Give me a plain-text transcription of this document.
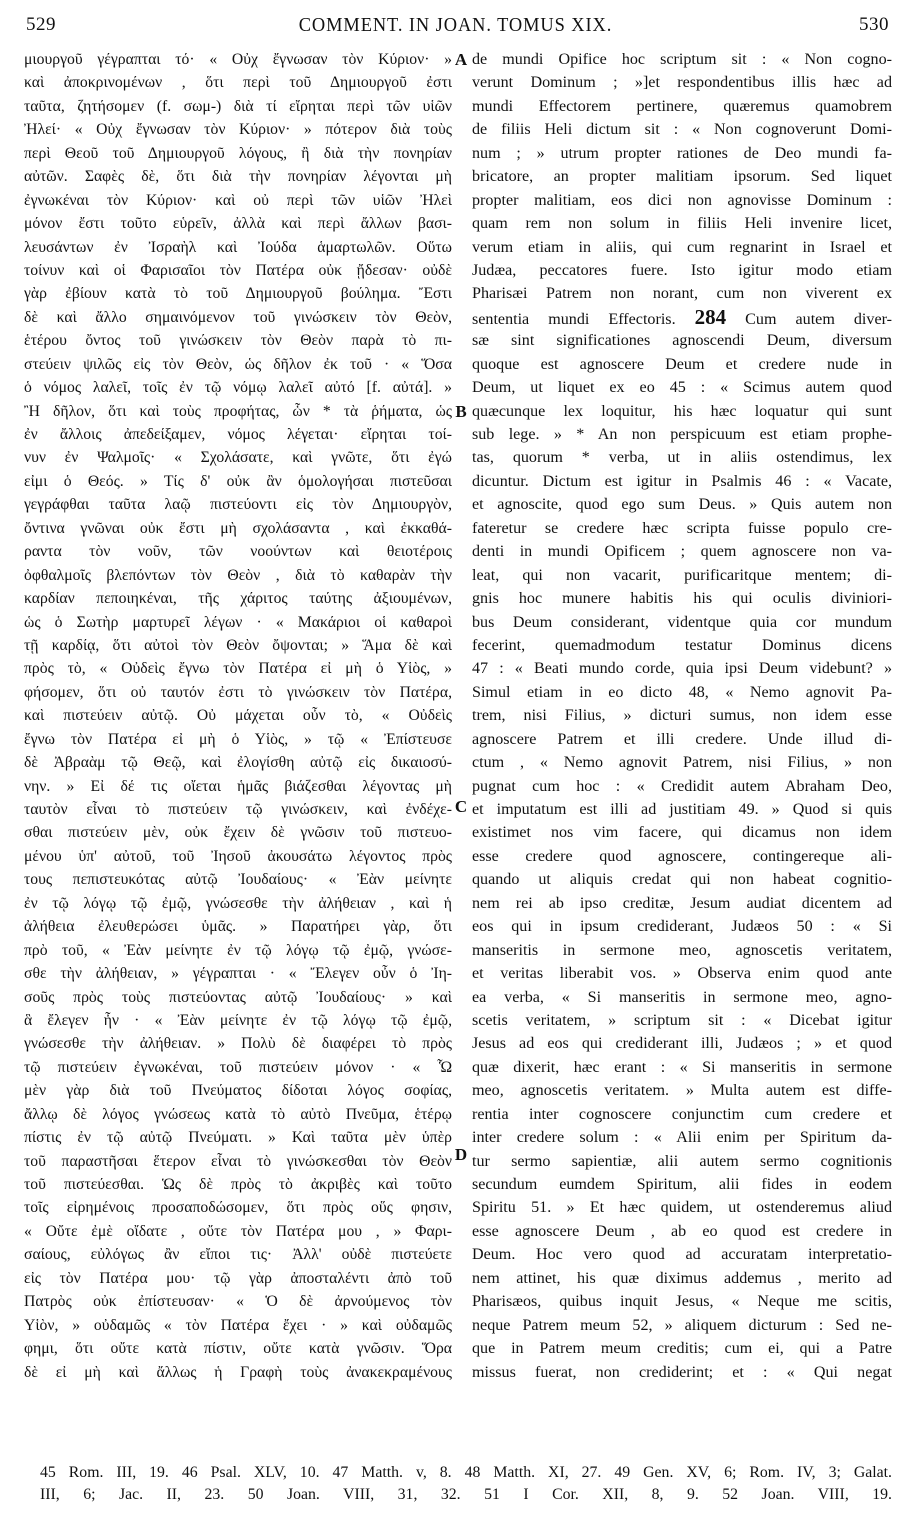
529	COMMENT. IN JOAN. TOMUS XIX.	530
μιουργοῦ γέγραπται τό· « Οὐχ ἔγνωσαν τὸν Κύριον· »
καὶ ἀποκρινομένων , ὅτι περὶ τοῦ Δημιουργοῦ ἐστι
ταῦτα, ζητήσομεν (f. σωμ-) διὰ τί εἴρηται περὶ τῶν υἱῶν
Ἠλεί· « Οὐχ ἔγνωσαν τὸν Κύριον· » πότερον διὰ τοὺς
περὶ Θεοῦ τοῦ Δημιουργοῦ λόγους, ἢ διὰ τὴν πονηρίαν
αὐτῶν. Σαφὲς δὲ, ὅτι διὰ τὴν πονηρίαν λέγονται μὴ
ἐγνωκέναι τὸν Κύριον· καὶ οὐ περὶ τῶν υἱῶν Ἠλεὶ
μόνον ἔστι τοῦτο εὑρεῖν, ἀλλὰ καὶ περὶ ἄλλων βασι-
λευσάντων ἐν Ἰσραὴλ καὶ Ἰούδα ἁμαρτωλῶν. Οὕτω
τοίνυν καὶ οἱ Φαρισαῖοι τὸν Πατέρα οὐκ ᾔδεσαν· οὐδὲ
γὰρ ἐβίουν κατὰ τὸ τοῦ Δημιουργοῦ βούλημα. Ἔστι
δὲ καὶ ἄλλο σημαινόμενον τοῦ γινώσκειν τὸν Θεὸν,
ἑτέρου ὄντος τοῦ γινώσκειν τὸν Θεὸν παρὰ τὸ πι-
στεύειν ψιλῶς εἰς τὸν Θεὸν, ὡς δῆλον ἐκ τοῦ · « Ὅσα
ὁ νόμος λαλεῖ, τοῖς ἐν τῷ νόμῳ λαλεῖ αὐτό [f. αὐτά]. »
Ἢ δῆλον, ὅτι καὶ τοὺς προφήτας, ὧν * τὰ ῥήματα, ὡς
ἐν ἄλλοις ἀπεδείξαμεν, νόμος λέγεται· εἴρηται τοί-
νυν ἐν Ψαλμοῖς· « Σχολάσατε, καὶ γνῶτε, ὅτι ἐγώ
εἰμι ὁ Θεός. » Τίς δ' οὐκ ἂν ὁμολογήσαι πιστεῦσαι
γεγράφθαι ταῦτα λαῷ πιστεύοντι εἰς τὸν Δημιουργὸν,
ὄντινα γνῶναι οὐκ ἔστι μὴ σχολάσαντα , καὶ ἐκκαθά-
ραντα τὸν νοῦν, τῶν νοούντων καὶ θειοτέροις
ὀφθαλμοῖς βλεπόντων τὸν Θεὸν , διὰ τὸ καθαρὰν τὴν
καρδίαν πεποιηκέναι, τῆς χάριτος ταύτης ἀξιουμένων,
ὡς ὁ Σωτὴρ μαρτυρεῖ λέγων · « Μακάριοι οἱ καθαροὶ
τῇ καρδίᾳ, ὅτι αὐτοὶ τὸν Θεὸν ὄψονται; » Ἅμα δὲ καὶ
πρὸς τὸ, « Οὐδεὶς ἔγνω τὸν Πατέρα εἰ μὴ ὁ Υἱὸς, »
φήσομεν, ὅτι οὐ ταυτόν ἐστι τὸ γινώσκειν τὸν Πατέρα,
καὶ πιστεύειν αὐτῷ. Οὐ μάχεται οὖν τὸ, « Οὐδεὶς
ἔγνω τὸν Πατέρα εἰ μὴ ὁ Υἱὸς, » τῷ « Ἐπίστευσε
δὲ Ἀβραὰμ τῷ Θεῷ, καὶ ἐλογίσθη αὐτῷ εἰς δικαιοσύ-
νην. » Εἰ δέ τις οἴεται ἡμᾶς βιάζεσθαι λέγοντας μὴ
ταυτὸν εἶναι τὸ πιστεύειν τῷ γινώσκειν, καὶ ἐνδέχε-
σθαι πιστεύειν μὲν, οὐκ ἔχειν δὲ γνῶσιν τοῦ πιστευο-
μένου ὑπ' αὐτοῦ, τοῦ Ἰησοῦ ἀκουσάτω λέγοντος πρὸς
τους πεπιστευκότας αὐτῷ Ἰουδαίους· « Ἐὰν μείνητε
ἐν τῷ λόγῳ τῷ ἐμῷ, γνώσεσθε τὴν ἀλήθειαν , καὶ ἡ
ἀλήθεια ἐλευθερώσει ὑμᾶς. » Παρατήρει γὰρ, ὅτι
πρὸ τοῦ, « Ἐὰν μείνητε ἐν τῷ λόγῳ τῷ ἐμῷ, γνώσε-
σθε τὴν ἀλήθειαν, » γέγραπται · « Ἔλεγεν οὖν ὁ Ἰη-
σοῦς πρὸς τοὺς πιστεύοντας αὐτῷ Ἰουδαίους· » καὶ
ἃ ἔλεγεν ἦν · « Ἐὰν μείνητε ἐν τῷ λόγῳ τῷ ἐμῷ,
γνώσεσθε τὴν ἀλήθειαν. » Πολὺ δὲ διαφέρει τὸ πρὸς
τῷ πιστεύειν ἐγνωκέναι, τοῦ πιστεύειν μόνον · « Ὧ
μὲν γὰρ διὰ τοῦ Πνεύματος δίδοται λόγος σοφίας,
ἄλλῳ δὲ λόγος γνώσεως κατὰ τὸ αὐτὸ Πνεῦμα, ἑτέρῳ
πίστις ἐν τῷ αὐτῷ Πνεύματι. » Καὶ ταῦτα μὲν ὑπὲρ
τοῦ παραστῆσαι ἕτερον εἶναι τὸ γινώσκεσθαι τὸν Θεὸν
τοῦ πιστεύεσθαι. Ὡς δὲ πρὸς τὸ ἀκριβὲς καὶ τοῦτο
τοῖς εἰρημένοις προσαποδώσομεν, ὅτι πρὸς οὕς φησιν,
« Οὔτε ἐμὲ οἴδατε , οὔτε τὸν Πατέρα μου , » Φαρι-
σαίους, εὐλόγως ἂν εἴποι τις· Ἀλλ' οὐδὲ πιστεύετε
εἰς τὸν Πατέρα μου· τῷ γὰρ ἀποσταλέντι ἀπὸ τοῦ
Πατρὸς οὐκ ἐπίστευσαν· « Ὁ δὲ ἀρνούμενος τὸν
Υἱὸν, » οὐδαμῶς « τὸν Πατέρα ἔχει · » καὶ οὐδαμῶς
φημι, ὅτι οὔτε κατὰ πίστιν, οὔτε κατὰ γνῶσιν. Ὅρα
δὲ εἰ μὴ καὶ ἄλλως ἡ Γραφὴ τοὺς ἀνακεκραμένους
de mundi Opifice hoc scriptum sit : « Non cogno-
verunt Dominum ; »]et respondentibus illis hæc ad
mundi Effectorem pertinere, quæremus quamobrem
de filiis Heli dictum sit : « Non cognoverunt Domi-
num ; » utrum propter rationes de Deo mundi fa-
bricatore, an propter malitiam ipsorum. Sed liquet
propter malitiam, eos dici non agnovisse Dominum :
quam rem non solum in filiis Heli invenire licet,
verum etiam in aliis, qui cum regnarint in Israel et
Judæa, peccatores fuere. Isto igitur modo etiam
Pharisæi Patrem non norant, cum non viverent ex
sententia mundi Effectoris. 284 Cum autem diver-
sæ sint significationes agnoscendi Deum, diversum
quoque est agnoscere Deum et credere nude in
Deum, ut liquet ex eo 45 : « Scimus autem quod
quæcunque lex loquitur, his hæc loquatur qui sunt
sub lege. » * An non perspicuum est etiam prophe-
tas, quorum * verba, ut in aliis ostendimus, lex
dicuntur. Dictum est igitur in Psalmis 46 : « Vacate,
et agnoscite, quod ego sum Deus. » Quis autem non
fateretur se credere hæc scripta fuisse populo cre-
denti in mundi Opificem ; quem agnoscere non va-
leat, qui non vacarit, purificaritque mentem; di-
gnis hoc munere habitis his qui oculis diviniori-
bus Deum considerant, videntque quia cor mundum
fecerint, quemadmodum testatur Dominus dicens
47 : « Beati mundo corde, quia ipsi Deum videbunt? »
Simul etiam in eo dicto 48, « Nemo agnovit Pa-
trem, nisi Filius, » dicturi sumus, non idem esse
agnoscere Patrem et illi credere. Unde illud di-
ctum , « Nemo agnovit Patrem, nisi Filius, » non
pugnat cum hoc : « Credidit autem Abraham Deo,
et imputatum est illi ad justitiam 49. » Quod si quis
existimet nos vim facere, qui dicamus non idem
esse credere quod agnoscere, contingereque ali-
quando ut aliquis credat qui non habeat cognitio-
nem rei ab ipso creditæ, Jesum audiat dicentem ad
eos qui in ipsum crediderant, Judæos 50 : « Si
manseritis in sermone meo, agnoscetis veritatem,
et veritas liberabit vos. » Observa enim quod ante
ea verba, « Si manseritis in sermone meo, agno-
scetis veritatem, » scriptum sit : « Dicebat igitur
Jesus ad eos qui crediderant illi, Judæos ; » et quod
quæ dixerit, hæc erant : « Si manseritis in sermone
meo, agnoscetis veritatem. » Multa autem est diffe-
rentia inter cognoscere conjunctim cum credere et
inter credere solum : « Alii enim per Spiritum da-
tur sermo sapientiæ, alii autem sermo cognitionis
secundum eumdem Spiritum, alii fides in eodem
Spiritu 51. » Et hæc quidem, ut ostenderemus aliud
esse agnoscere Deum , ab eo quod est credere in
Deum. Hoc vero quod ad accuratam interpretatio-
nem attinet, his quæ diximus addemus , merito ad
Pharisæos, quibus inquit Jesus, « Neque me scitis,
neque Patrem meum 52, » aliquem dicturum : Sed ne-
que in Patrem meum creditis; cum ei, qui a Patre
missus fuerat, non crediderint; et : « Qui negat
A
B
C
D
45 Rom. III, 19. 46 Psal. XLV, 10. 47 Matth. v, 8. 48 Matth. XI, 27. 49 Gen. XV, 6; Rom. IV, 3; Galat.
III, 6; Jac. II, 23. 50 Joan. VIII, 31, 32. 51 I Cor. XII, 8, 9. 52 Joan. VIII, 19.
